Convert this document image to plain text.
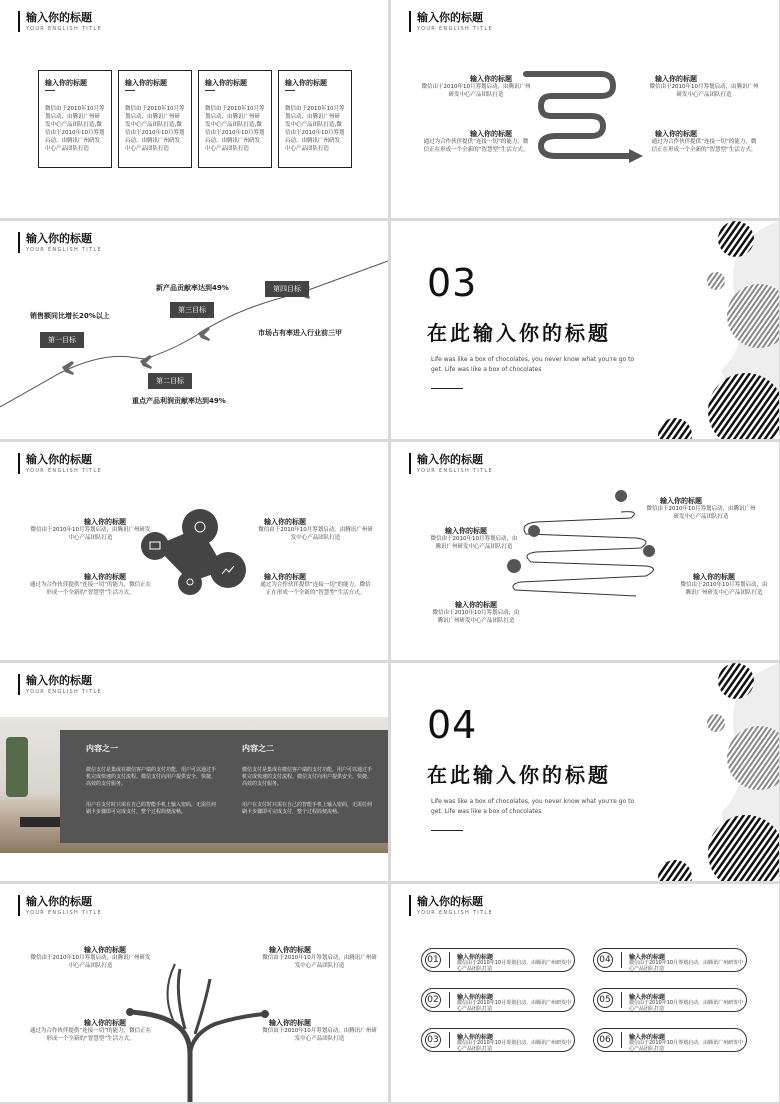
输入你的标题
YOUR ENGLISH TITLE
输入你的标题
微信由于2010年10月筹划启动，由腾讯广州研发中心产品团队打造,微信由于2010年10月筹划启动，由腾讯广州研发中心产品团队打造
输入你的标题
微信由于2010年10月筹划启动，由腾讯广州研发中心产品团队打造,微信由于2010年10月筹划启动，由腾讯广州研发中心产品团队打造
输入你的标题
微信由于2010年10月筹划启动，由腾讯广州研发中心产品团队打造,微信由于2010年10月筹划启动，由腾讯广州研发中心产品团队打造
输入你的标题
微信由于2010年10月筹划启动，由腾讯广州研发中心产品团队打造,微信由于2010年10月筹划启动，由腾讯广州研发中心产品团队打造
输入你的标题
YOUR ENGLISH TITLE
输入你的标题
微信由于2010年10月筹划启动，由腾讯广州研发中心产品团队打造
输入你的标题
通过为合作伙伴提供“连接一切”的能力，微信正在形成一个全新的“智慧型”生活方式。
输入你的标题
微信由于2010年10月筹划启动，由腾讯广州研发中心产品团队打造
输入你的标题
通过为合作伙伴提供“连接一切”的能力，微信正在形成一个全新的“智慧型”生活方式。
输入你的标题
YOUR ENGLISH TITLE
销售额同比增长20%以上
第一目标
第二目标
重点产品利润贡献率达到49%
新产品贡献率达到49%
第三目标
第四目标
市场占有率进入行业前三甲
03
在此输入你的标题
Life was like a box of chocolates, you never know what you're go to get. Life was like a box of chocolates
输入你的标题
YOUR ENGLISH TITLE
输入你的标题
微信由于2010年10月筹划启动，由腾讯广州研发中心产品团队打造
输入你的标题
通过为合作伙伴提供“连接一切”的能力，微信正在形成一个全新的“智慧型”生活方式。
输入你的标题
微信由于2010年10月筹划启动，由腾讯广州研发中心产品团队打造
输入你的标题
通过为合作伙伴提供“连接一切”的能力，微信正在形成一个全新的“智慧型”生活方式。
输入你的标题
YOUR ENGLISH TITLE
输入你的标题
微信由于2010年10月筹划启动，由腾讯广州研发中心产品团队打造
输入你的标题
微信由于2010年10月筹划启动，由腾讯广州研发中心产品团队打造
输入你的标题
微信由于2010年10月筹划启动，由腾讯广州研发中心产品团队打造
输入你的标题
微信由于2010年10月筹划启动，由腾讯广州研发中心产品团队打造
输入你的标题
YOUR ENGLISH TITLE
内容之一	内容之二
微信支付是集成在微信客户端的支付功能，用户可以通过手机完成快速的支付流程。微信支付向用户提供安全、快捷、高效的支付服务。
用户在支付时只需在自己的智能手机上输入密码，无需任何刷卡步骤即可完成支付，整个过程简便流畅。
微信支付是集成在微信客户端的支付功能，用户可以通过手机完成快速的支付流程。微信支付向用户提供安全、快捷、高效的支付服务。
用户在支付时只需在自己的智能手机上输入密码，无需任何刷卡步骤即可完成支付，整个过程简便流畅。
04
在此输入你的标题
Life was like a box of chocolates, you never know what you're go to get. Life was like a box of chocolates
输入你的标题
YOUR ENGLISH TITLE
输入你的标题
微信由于2010年10月筹划启动，由腾讯广州研发中心产品团队打造
输入你的标题
通过为合作伙伴提供“连接一切”的能力，微信正在形成一个全新的“智慧型”生活方式。
输入你的标题
微信由于2010年10月筹划启动，由腾讯广州研发中心产品团队打造
输入你的标题
微信由于2010年10月筹划启动，由腾讯广州研发中心产品团队打造
输入你的标题
YOUR ENGLISH TITLE
01	输入你的标题
微信由于2010年10月筹划启动，由腾讯广州研发中心产品团队打造
02	输入你的标题
微信由于2010年10月筹划启动，由腾讯广州研发中心产品团队打造
03	输入你的标题
微信由于2010年10月筹划启动，由腾讯广州研发中心产品团队打造
04	输入你的标题
微信由于2010年10月筹划启动，由腾讯广州研发中心产品团队打造
05	输入你的标题
微信由于2010年10月筹划启动，由腾讯广州研发中心产品团队打造
06	输入你的标题
微信由于2010年10月筹划启动，由腾讯广州研发中心产品团队打造
